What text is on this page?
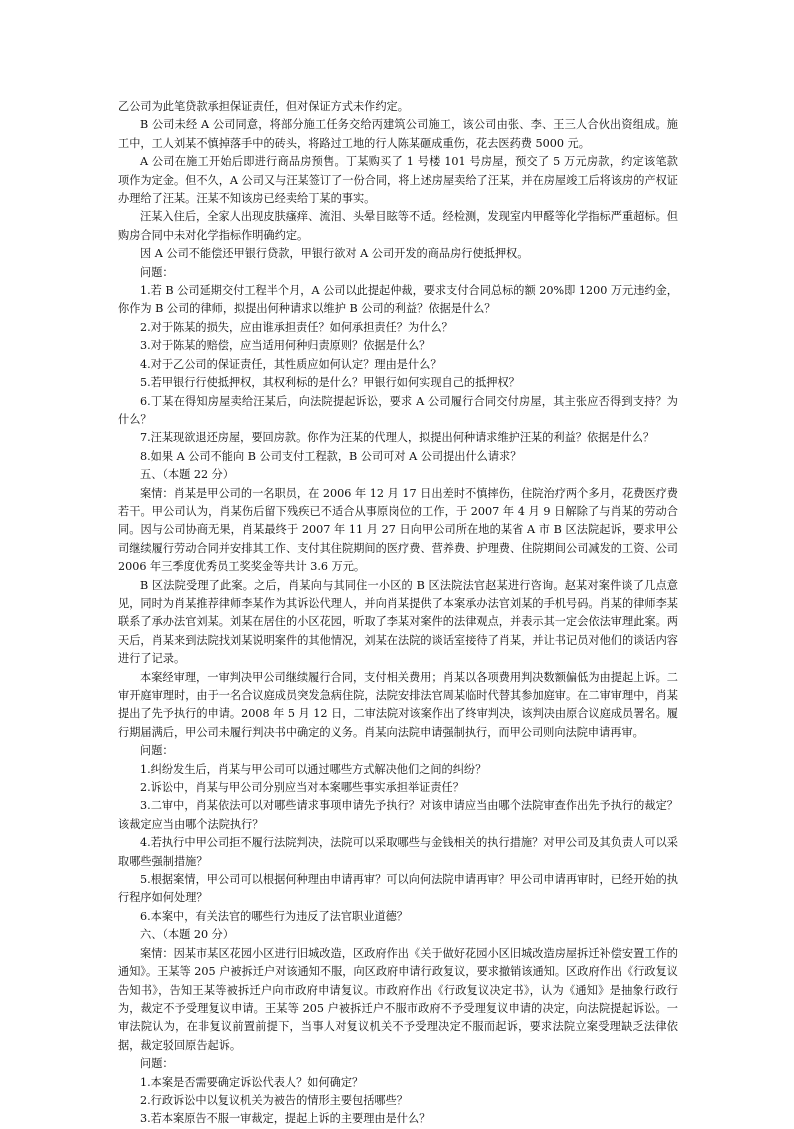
乙公司为此笔贷款承担保证责任，但对保证方式未作约定。

B 公司未经 A 公司同意，将部分施工任务交给丙建筑公司施工，该公司由张、李、王三人合伙出资组成。施工中，工人刘某不慎掉落手中的砖头，将路过工地的行人陈某砸成重伤，花去医药费 5000 元。

A 公司在施工开始后即进行商品房预售。丁某购买了 1 号楼 101 号房屋，预交了 5 万元房款，约定该笔款项作为定金。但不久，A 公司又与汪某签订了一份合同，将上述房屋卖给了汪某，并在房屋竣工后将该房的产权证办理给了汪某。汪某不知该房已经卖给丁某的事实。

汪某入住后，全家人出现皮肤瘙痒、流泪、头晕目眩等不适。经检测，发现室内甲醛等化学指标严重超标。但购房合同中未对化学指标作明确约定。

因 A 公司不能偿还甲银行贷款，甲银行欲对 A 公司开发的商品房行使抵押权。

问题：

1.若 B 公司延期交付工程半个月，A 公司以此提起仲裁，要求支付合同总标的额 20%即 1200 万元违约金，你作为 B 公司的律师，拟提出何种请求以维护 B 公司的利益？依据是什么？

2.对于陈某的损失，应由谁承担责任？如何承担责任？为什么？

3.对于陈某的赔偿，应当适用何种归责原则？依据是什么？

4.对于乙公司的保证责任，其性质应如何认定？理由是什么？

5.若甲银行行使抵押权，其权利标的是什么？甲银行如何实现自己的抵押权？

6.丁某在得知房屋卖给汪某后，向法院提起诉讼，要求 A 公司履行合同交付房屋，其主张应否得到支持？为什么？

7.汪某现欲退还房屋，要回房款。你作为汪某的代理人，拟提出何种请求维护汪某的利益？依据是什么？

8.如果 A 公司不能向 B 公司支付工程款，B 公司可对 A 公司提出什么请求？

五、（本题 22 分）

案情：肖某是甲公司的一名职员，在 2006 年 12 月 17 日出差时不慎摔伤，住院治疗两个多月，花费医疗费若干。甲公司认为，肖某伤后留下残疾已不适合从事原岗位的工作，于 2007 年 4 月 9 日解除了与肖某的劳动合同。因与公司协商无果，肖某最终于 2007 年 11 月 27 日向甲公司所在地的某省 A 市 B 区法院起诉，要求甲公司继续履行劳动合同并安排其工作、支付其住院期间的医疗费、营养费、护理费、住院期间公司减发的工资、公司 2006 年三季度优秀员工奖奖金等共计 3.6 万元。

B 区法院受理了此案。之后，肖某向与其同住一小区的 B 区法院法官赵某进行咨询。赵某对案件谈了几点意见，同时为肖某推荐律师李某作为其诉讼代理人，并向肖某提供了本案承办法官刘某的手机号码。肖某的律师李某联系了承办法官刘某。刘某在居住的小区花园，听取了李某对案件的法律观点，并表示其一定会依法审理此案。两天后，肖某来到法院找刘某说明案件的其他情况，刘某在法院的谈话室接待了肖某，并让书记员对他们的谈话内容进行了记录。

本案经审理，一审判决甲公司继续履行合同，支付相关费用；肖某以各项费用判决数额偏低为由提起上诉。二审开庭审理时，由于一名合议庭成员突发急病住院，法院安排法官周某临时代替其参加庭审。在二审审理中，肖某提出了先予执行的申请。2008 年 5 月 12 日，二审法院对该案作出了终审判决，该判决由原合议庭成员署名。履行期届满后，甲公司未履行判决书中确定的义务。肖某向法院申请强制执行，而甲公司则向法院申请再审。

问题：

1.纠纷发生后，肖某与甲公司可以通过哪些方式解决他们之间的纠纷？

2.诉讼中，肖某与甲公司分别应当对本案哪些事实承担举证责任？

3.二审中，肖某依法可以对哪些请求事项申请先予执行？对该申请应当由哪个法院审查作出先予执行的裁定？该裁定应当由哪个法院执行？

4.若执行中甲公司拒不履行法院判决，法院可以采取哪些与金钱相关的执行措施？对甲公司及其负责人可以采取哪些强制措施？

5.根据案情，甲公司可以根据何种理由申请再审？可以向何法院申请再审？甲公司申请再审时，已经开始的执行程序如何处理？

6.本案中，有关法官的哪些行为违反了法官职业道德？

六、（本题 20 分）

案情：因某市某区花园小区进行旧城改造，区政府作出《关于做好花园小区旧城改造房屋拆迁补偿安置工作的通知》。王某等 205 户被拆迁户对该通知不服，向区政府申请行政复议，要求撤销该通知。区政府作出《行政复议告知书》，告知王某等被拆迁户向市政府申请复议。市政府作出《行政复议决定书》，认为《通知》是抽象行政行为，裁定不予受理复议申请。王某等 205 户被拆迁户不服市政府不予受理复议申请的决定，向法院提起诉讼。一审法院认为，在非复议前置前提下，当事人对复议机关不予受理决定不服而起诉，要求法院立案受理缺乏法律依据，裁定驳回原告起诉。

问题：

1.本案是否需要确定诉讼代表人？如何确定？

2.行政诉讼中以复议机关为被告的情形主要包括哪些？

3.若本案原告不服一审裁定，提起上诉的主要理由是什么？
